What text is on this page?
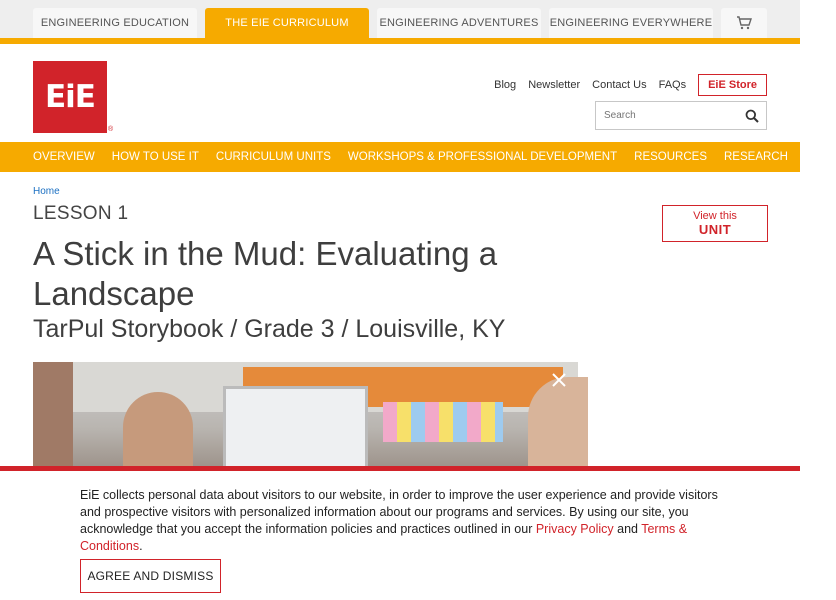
ENGINEERING EDUCATION	THE EIE CURRICULUM	ENGINEERING ADVENTURES ENGINEERING EVERYWHERE
EiE
®
Blog Newsletter Contact Us FAQs	EiE Store
Search
OVERVIEW HOW TO USE IT CURRICULUM UNITS WORKSHOPS & PROFESSIONAL DEVELOPMENT RESOURCES RESEARCH FAQS
Home
LESSON 1
A Stick in the Mud: Evaluating a Landscape
TarPul Storybook / Grade 3 / Louisville, KY
View this
UNIT

EiE collects personal data about visitors to our website, in order to improve the user experience and provide visitors and prospective visitors with personalized information about our programs and services. By using our site, you acknowledge that you accept the information policies and practices outlined in our Privacy Policy and Terms & Conditions.

AGREE AND DISMISS
